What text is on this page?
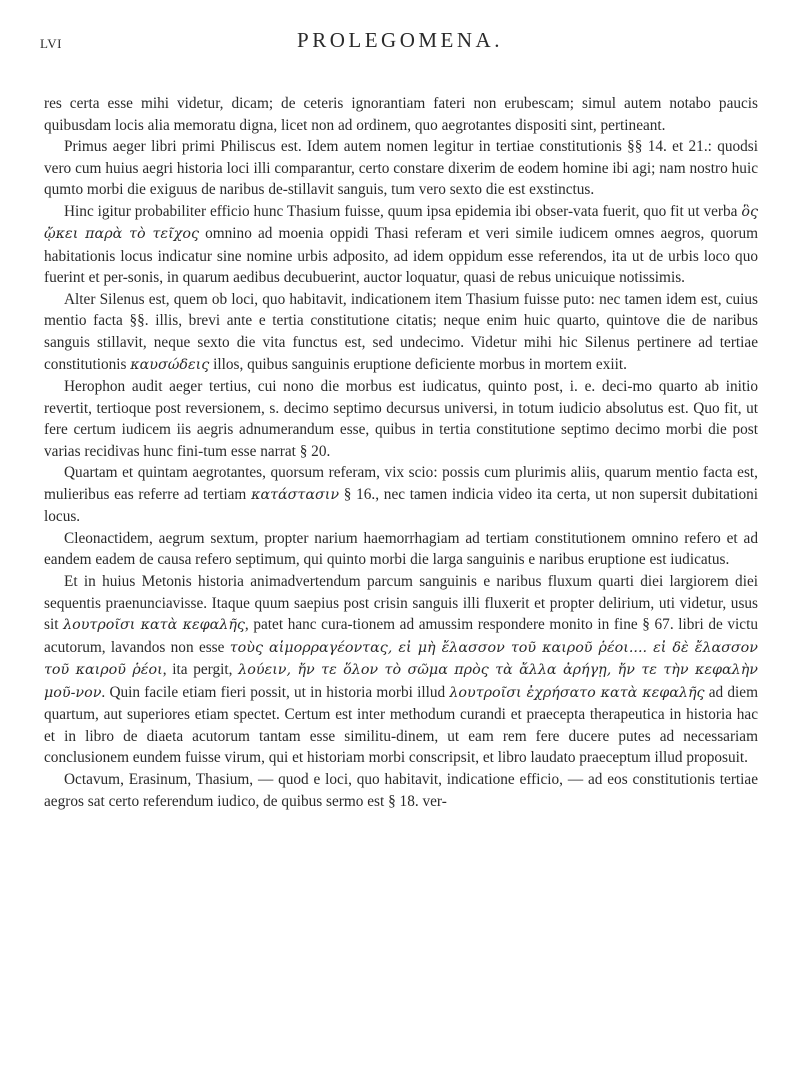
LVI	PROLEGOMENA.

res certa esse mihi videtur, dicam; de ceteris ignorantiam fateri non erubescam; simul autem notabo paucis quibusdam locis alia memoratu digna, licet non ad ordinem, quo aegrotantes dispositi sint, pertineant.

Primus aeger libri primi Philiscus est. Idem autem nomen legitur in tertiae constitutionis §§ 14. et 21.: quodsi vero cum huius aegri historia loci illi comparantur, certo constare dixerim de eodem homine ibi agi; nam nostro huic qumto morbi die exiguus de naribus de-stillavit sanguis, tum vero sexto die est exstinctus.

Hinc igitur probabiliter efficio hunc Thasium fuisse, quum ipsa epidemia ibi obser-vata fuerit, quo fit ut verba ὃς ᾤκει παρὰ τὸ τεῖχος omnino ad moenia oppidi Thasi referam et veri simile iudicem omnes aegros, quorum habitationis locus indicatur sine nomine urbis adposito, ad idem oppidum esse referendos, ita ut de urbis loco quo fuerint et per-sonis, in quarum aedibus decubuerint, auctor loquatur, quasi de rebus unicuique notissimis.

Alter Silenus est, quem ob loci, quo habitavit, indicationem item Thasium fuisse puto: nec tamen idem est, cuius mentio facta §§. illis, brevi ante e tertia constitutione citatis; neque enim huic quarto, quintove die de naribus sanguis stillavit, neque sexto die vita functus est, sed undecimo. Videtur mihi hic Silenus pertinere ad tertiae constitutionis καυσώδεις illos, quibus sanguinis eruptione deficiente morbus in mortem exiit.

Herophon audit aeger tertius, cui nono die morbus est iudicatus, quinto post, i. e. deci-mo quarto ab initio revertit, tertioque post reversionem, s. decimo septimo decursus universi, in totum iudicio absolutus est. Quo fit, ut fere certum iudicem iis aegris adnumerandum esse, quibus in tertia constitutione septimo decimo morbi die post varias recidivas hunc fini-tum esse narrat § 20.

Quartam et quintam aegrotantes, quorsum referam, vix scio: possis cum plurimis aliis, quarum mentio facta est, mulieribus eas referre ad tertiam κατάστασιν § 16., nec tamen indicia video ita certa, ut non supersit dubitationi locus.

Cleonactidem, aegrum sextum, propter narium haemorrhagiam ad tertiam constitutionem omnino refero et ad eandem eadem de causa refero septimum, qui quinto morbi die larga sanguinis e naribus eruptione est iudicatus.

Et in huius Metonis historia animadvertendum parcum sanguinis e naribus fluxum quarti diei largiorem diei sequentis praenunciavisse. Itaque quum saepius post crisin sanguis illi fluxerit et propter delirium, uti videtur, usus sit λουτροῖσι κατὰ κεφαλῆς, patet hanc cura-tionem ad amussim respondere monito in fine § 67. libri de victu acutorum, lavandos non esse τοὺς αἱμορραγέοντας, εἰ μὴ ἔλασσον τοῦ καιροῦ ῥέοι.... εἰ δὲ ἔλασσον τοῦ καιροῦ ῥέοι, ita pergit, λούειν, ἤν τε ὅλον τὸ σῶμα πρὸς τὰ ἄλλα ἀρήγῃ, ἤν τε τὴν κεφαλὴν μοῦ-νον. Quin facile etiam fieri possit, ut in historia morbi illud λουτροῖσι ἐχρήσατο κατὰ κεφαλῆς ad diem quartum, aut superiores etiam spectet. Certum est inter methodum curandi et praecepta therapeutica in historia hac et in libro de diaeta acutorum tantam esse similitu-dinem, ut eam rem fere ducere putes ad necessariam conclusionem eundem fuisse virum, qui et historiam morbi conscripsit, et libro laudato praeceptum illud proposuit.

Octavum, Erasinum, Thasium, — quod e loci, quo habitavit, indicatione efficio, — ad eos constitutionis tertiae aegros sat certo referendum iudico, de quibus sermo est § 18. ver-
